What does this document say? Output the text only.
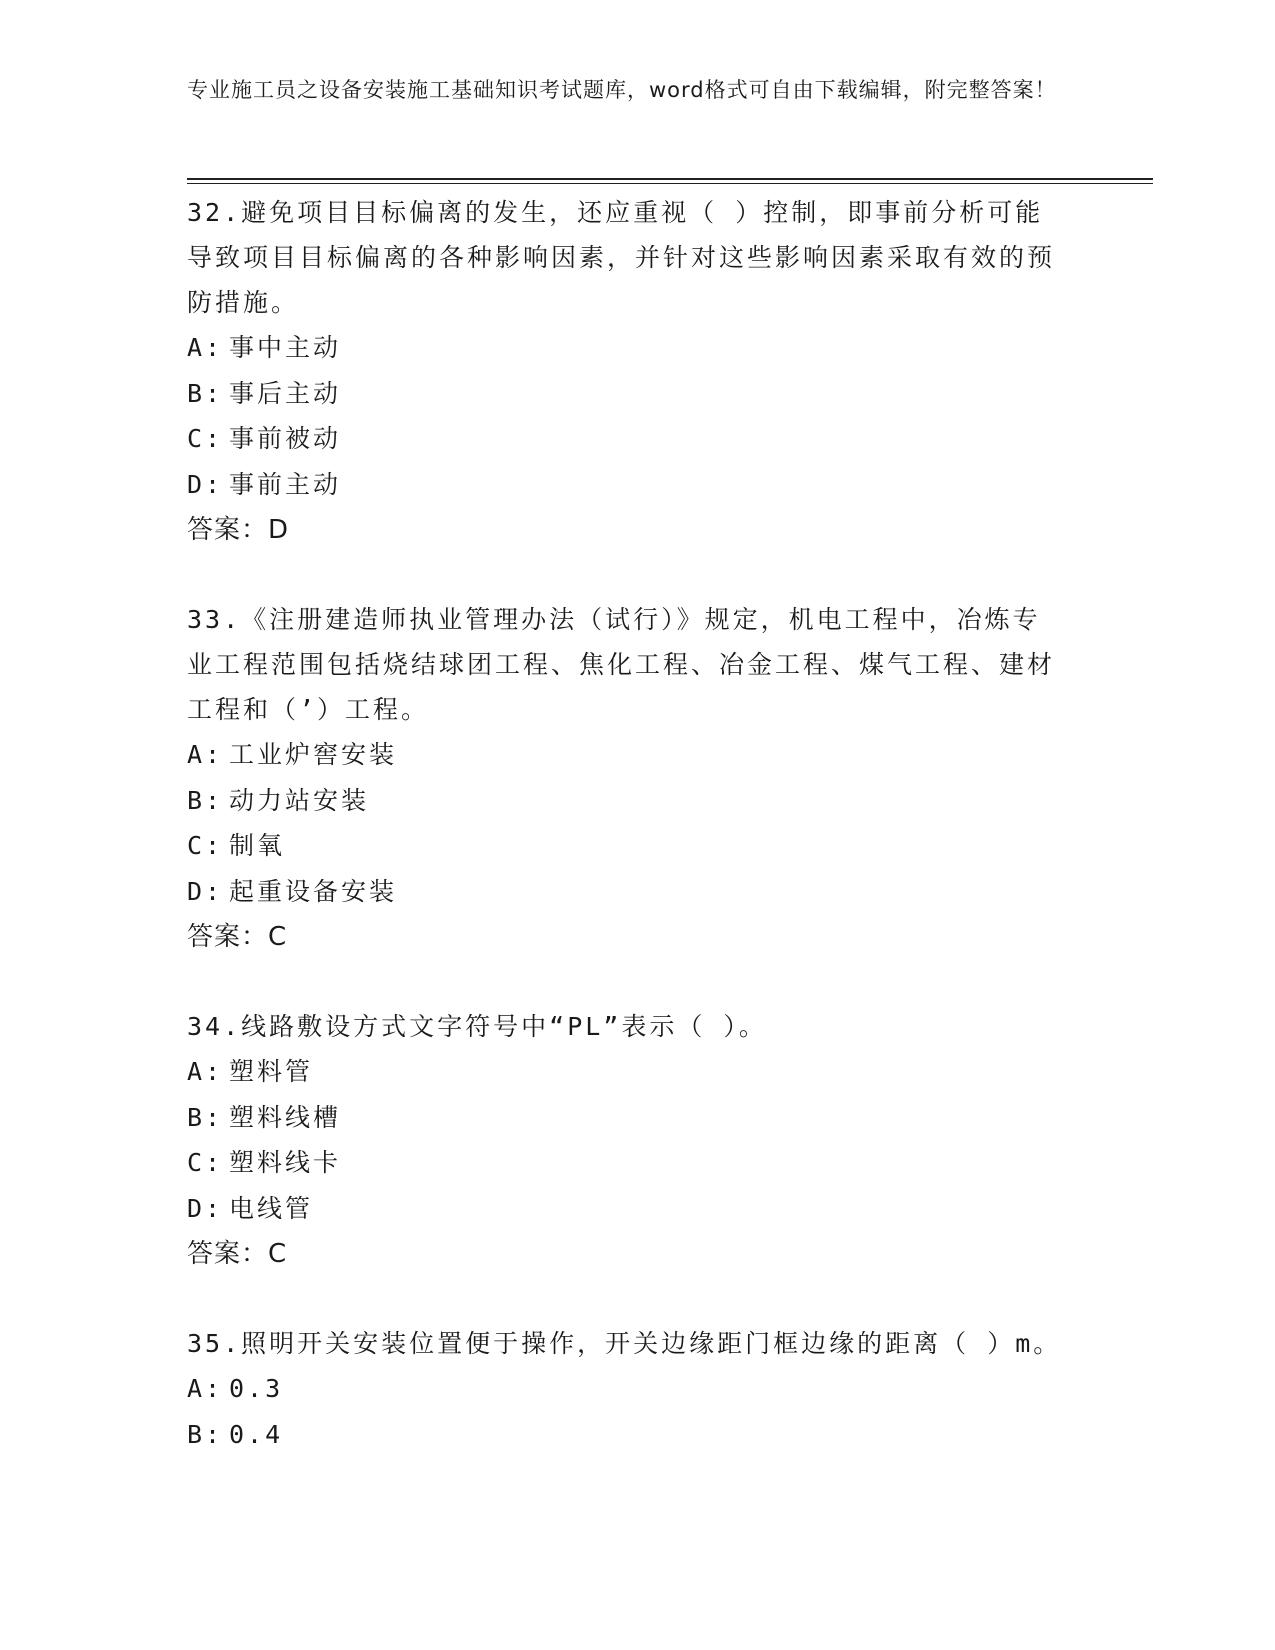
专业施工员之设备安装施工基础知识考试题库，word格式可自由下载编辑，附完整答案！

32.避免项目目标偏离的发生，还应重视（ ）控制，即事前分析可能导致项目目标偏离的各种影响因素，并针对这些影响因素采取有效的预防措施。

A: 事中主动
B: 事后主动
C: 事前被动
D: 事前主动
答案：D

33.《注册建造师执业管理办法（试行）》规定，机电工程中，冶炼专业工程范围包括烧结球团工程、焦化工程、冶金工程、煤气工程、建材工程和（’）工程。

A: 工业炉窖安装
B: 动力站安装
C: 制氧
D: 起重设备安装
答案：C

34.线路敷设方式文字符号中“PL”表示（ ）。

A: 塑料管
B: 塑料线槽
C: 塑料线卡
D: 电线管
答案：C

35.照明开关安装位置便于操作，开关边缘距门框边缘的距离（ ）m。

A: 0.3
B: 0.4
